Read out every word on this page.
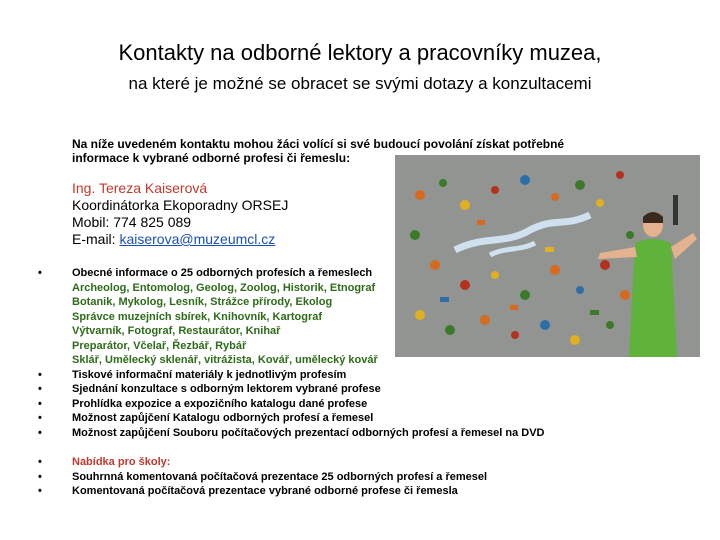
Kontakty na odborné lektory a pracovníky muzea,
na které je možné se obracet se svými dotazy a konzultacemi
Na níže uvedeném kontaktu mohou žáci volící si své budoucí povolání získat potřebné
informace k vybrané odborné profesi či řemeslu:
Ing. Tereza Kaiserová
Koordinátorka Ekoporadny ORSEJ
Mobil: 774 825 089
E-mail: kaiserova@muzeumcl.cz
•	Obecné informace o 25 odborných profesích a řemeslech
Archeolog, Entomolog, Geolog, Zoolog, Historik, Etnograf
Botanik, Mykolog, Lesník, Strážce přírody, Ekolog
Správce muzejních sbírek, Knihovník, Kartograf
Výtvarník, Fotograf, Restaurátor, Knihař
Preparátor, Včelař, Řezbář, Rybář
Sklář, Umělecký sklenář, vitrážista, Kovář, umělecký kovář
•	Tiskové informační materiály k jednotlivým profesím
•	Sjednání konzultace s odborným lektorem vybrané profese
•	Prohlídka expozice a expozičního katalogu dané profese
•	Možnost zapůjčení Katalogu odborných profesí a řemesel
•	Možnost zapůjčení Souboru počítačových prezentací odborných profesí a řemesel na DVD
•	Nabídka pro školy:
•	Souhrnná komentovaná počítačová prezentace 25 odborných profesí a řemesel
•	Komentovaná počítačová prezentace vybrané odborné profese či řemesla
